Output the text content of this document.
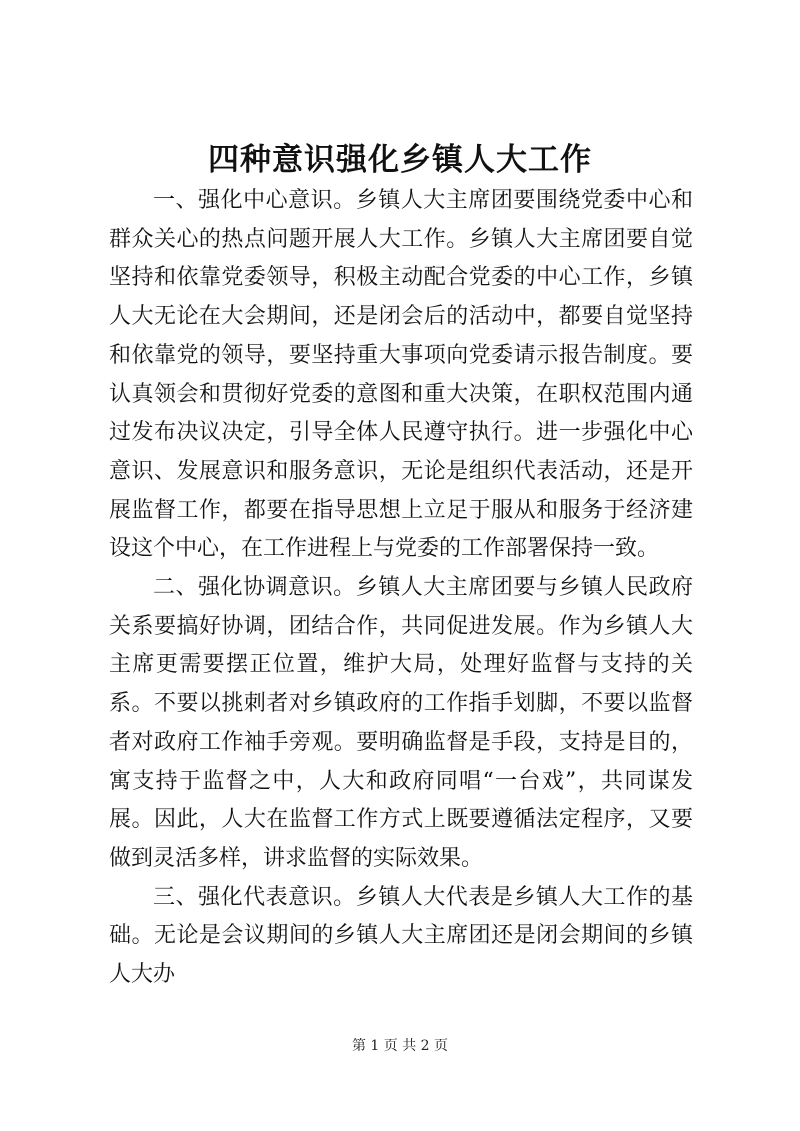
四种意识强化乡镇人大工作

一、强化中心意识。乡镇人大主席团要围绕党委中心和群众关心的热点问题开展人大工作。乡镇人大主席团要自觉坚持和依靠党委领导，积极主动配合党委的中心工作，乡镇人大无论在大会期间，还是闭会后的活动中，都要自觉坚持和依靠党的领导，要坚持重大事项向党委请示报告制度。要认真领会和贯彻好党委的意图和重大决策，在职权范围内通过发布决议决定，引导全体人民遵守执行。进一步强化中心意识、发展意识和服务意识，无论是组织代表活动，还是开展监督工作，都要在指导思想上立足于服从和服务于经济建设这个中心，在工作进程上与党委的工作部署保持一致。

二、强化协调意识。乡镇人大主席团要与乡镇人民政府关系要搞好协调，团结合作，共同促进发展。作为乡镇人大主席更需要摆正位置，维护大局，处理好监督与支持的关系。不要以挑刺者对乡镇政府的工作指手划脚，不要以监督者对政府工作袖手旁观。要明确监督是手段，支持是目的，寓支持于监督之中，人大和政府同唱“一台戏”，共同谋发展。因此，人大在监督工作方式上既要遵循法定程序，又要做到灵活多样，讲求监督的实际效果。

三、强化代表意识。乡镇人大代表是乡镇人大工作的基础。无论是会议期间的乡镇人大主席团还是闭会期间的乡镇人大办

第 1 页 共 2 页
